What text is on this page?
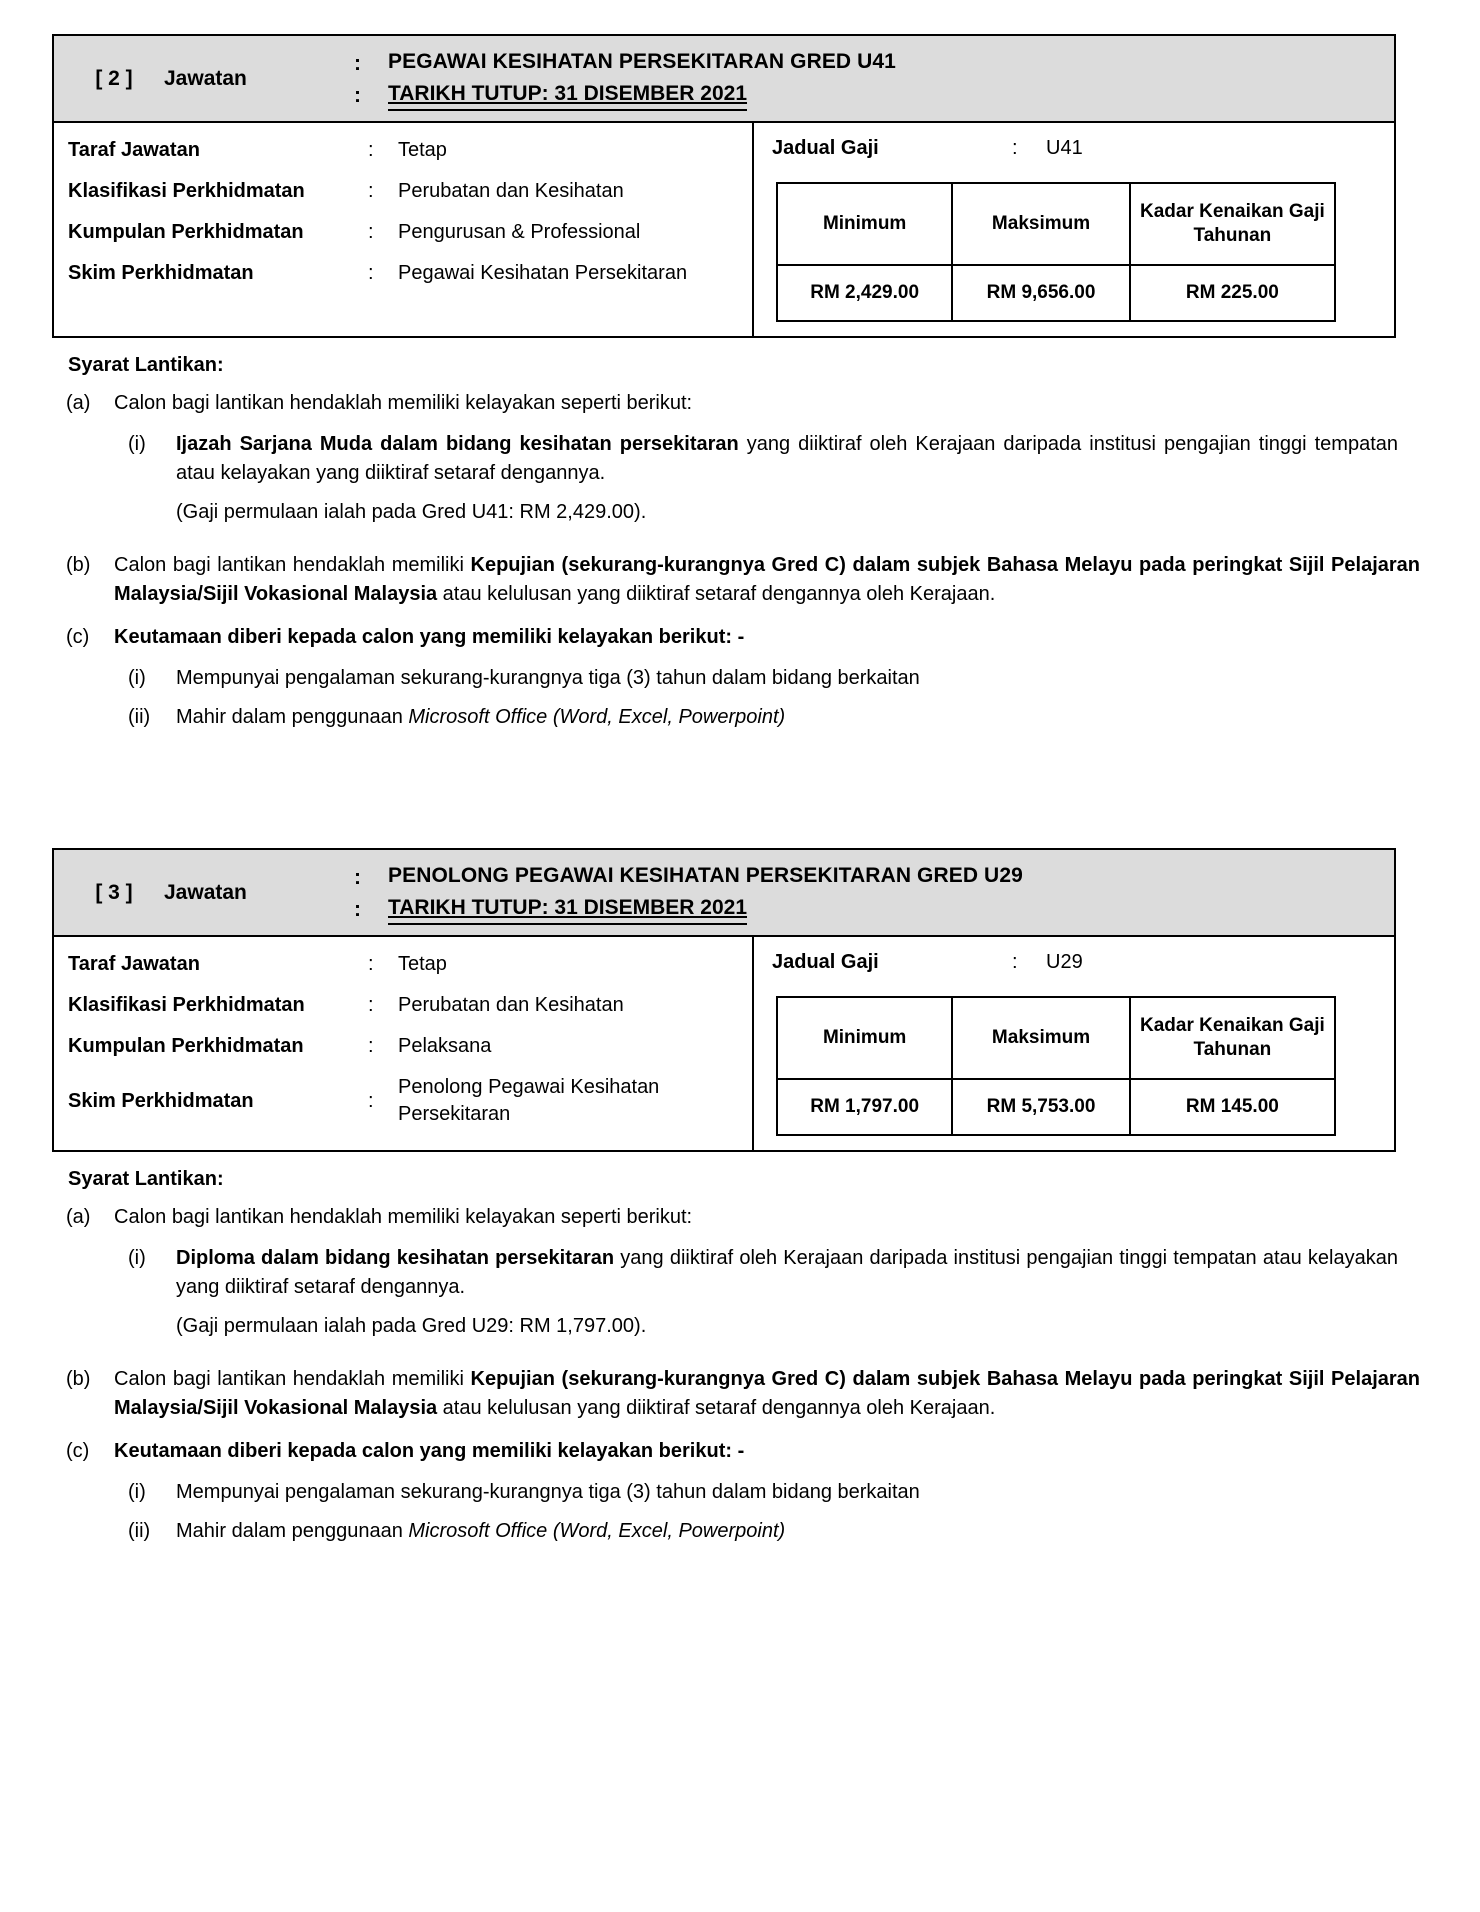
[ 2 ]	Jawatan
:
:
PEGAWAI KESIHATAN PERSEKITARAN GRED U41
TARIKH TUTUP: 31 DISEMBER 2021
Taraf Jawatan	:	Tetap
Klasifikasi Perkhidmatan	:	Perubatan dan Kesihatan
Kumpulan Perkhidmatan	:	Pengurusan & Professional
Skim Perkhidmatan	:	Pegawai Kesihatan Persekitaran
Jadual Gaji	:	U41
Minimum	Maksimum	Kadar Kenaikan Gaji Tahunan
RM 2,429.00	RM 9,656.00	RM 225.00
Syarat Lantikan:
(a)	Calon bagi lantikan hendaklah memiliki kelayakan seperti berikut:
(i)	Ijazah Sarjana Muda dalam bidang kesihatan persekitaran yang diiktiraf oleh Kerajaan daripada institusi pengajian tinggi tempatan atau kelayakan yang diiktiraf setaraf dengannya.
(Gaji permulaan ialah pada Gred U41: RM 2,429.00).
(b)	Calon bagi lantikan hendaklah memiliki Kepujian (sekurang-kurangnya Gred C) dalam subjek Bahasa Melayu pada peringkat Sijil Pelajaran Malaysia/Sijil Vokasional Malaysia atau kelulusan yang diiktiraf setaraf dengannya oleh Kerajaan.
(c)	Keutamaan diberi kepada calon yang memiliki kelayakan berikut: -
(i)	Mempunyai pengalaman sekurang-kurangnya tiga (3) tahun dalam bidang berkaitan
(ii)	Mahir dalam penggunaan Microsoft Office (Word, Excel, Powerpoint)
[ 3 ]	Jawatan
:
:
PENOLONG PEGAWAI KESIHATAN PERSEKITARAN GRED U29
TARIKH TUTUP: 31 DISEMBER 2021
Taraf Jawatan	:	Tetap
Klasifikasi Perkhidmatan	:	Perubatan dan Kesihatan
Kumpulan Perkhidmatan	:	Pelaksana
Skim Perkhidmatan	:
Penolong Pegawai Kesihatan Persekitaran
Jadual Gaji	:	U29
Minimum	Maksimum	Kadar Kenaikan Gaji Tahunan
RM 1,797.00	RM 5,753.00	RM 145.00
Syarat Lantikan:
(a)	Calon bagi lantikan hendaklah memiliki kelayakan seperti berikut:
(i)	Diploma dalam bidang kesihatan persekitaran yang diiktiraf oleh Kerajaan daripada institusi pengajian tinggi tempatan atau kelayakan yang diiktiraf setaraf dengannya.
(Gaji permulaan ialah pada Gred U29: RM 1,797.00).
(b)	Calon bagi lantikan hendaklah memiliki Kepujian (sekurang-kurangnya Gred C) dalam subjek Bahasa Melayu pada peringkat Sijil Pelajaran Malaysia/Sijil Vokasional Malaysia atau kelulusan yang diiktiraf setaraf dengannya oleh Kerajaan.
(c)	Keutamaan diberi kepada calon yang memiliki kelayakan berikut: -
(i)	Mempunyai pengalaman sekurang-kurangnya tiga (3) tahun dalam bidang berkaitan
(ii)	Mahir dalam penggunaan Microsoft Office (Word, Excel, Powerpoint)
